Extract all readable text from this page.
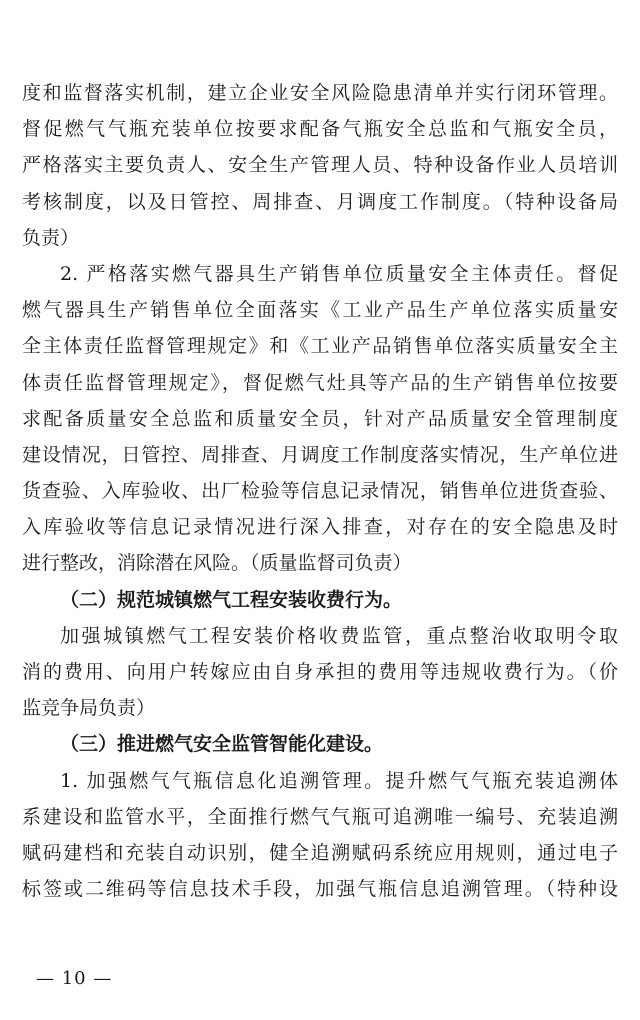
度和监督落实机制，建立企业安全风险隐患清单并实行闭环管理。
督促燃气气瓶充装单位按要求配备气瓶安全总监和气瓶安全员，
严格落实主要负责人、安全生产管理人员、特种设备作业人员培训
考核制度，以及日管控、周排查、月调度工作制度。（特种设备局
负责）
2. 严格落实燃气器具生产销售单位质量安全主体责任。督促
燃气器具生产销售单位全面落实《工业产品生产单位落实质量安
全主体责任监督管理规定》和《工业产品销售单位落实质量安全主
体责任监督管理规定》，督促燃气灶具等产品的生产销售单位按要
求配备质量安全总监和质量安全员，针对产品质量安全管理制度
建设情况，日管控、周排查、月调度工作制度落实情况，生产单位进
货查验、入库验收、出厂检验等信息记录情况，销售单位进货查验、
入库验收等信息记录情况进行深入排查，对存在的安全隐患及时
进行整改，消除潜在风险。（质量监督司负责）
（二）规范城镇燃气工程安装收费行为。
加强城镇燃气工程安装价格收费监管，重点整治收取明令取
消的费用、向用户转嫁应由自身承担的费用等违规收费行为。（价
监竞争局负责）
（三）推进燃气安全监管智能化建设。
1. 加强燃气气瓶信息化追溯管理。提升燃气气瓶充装追溯体
系建设和监管水平，全面推行燃气气瓶可追溯唯一编号、充装追溯
赋码建档和充装自动识别，健全追溯赋码系统应用规则，通过电子
标签或二维码等信息技术手段，加强气瓶信息追溯管理。（特种设
— 10 —
